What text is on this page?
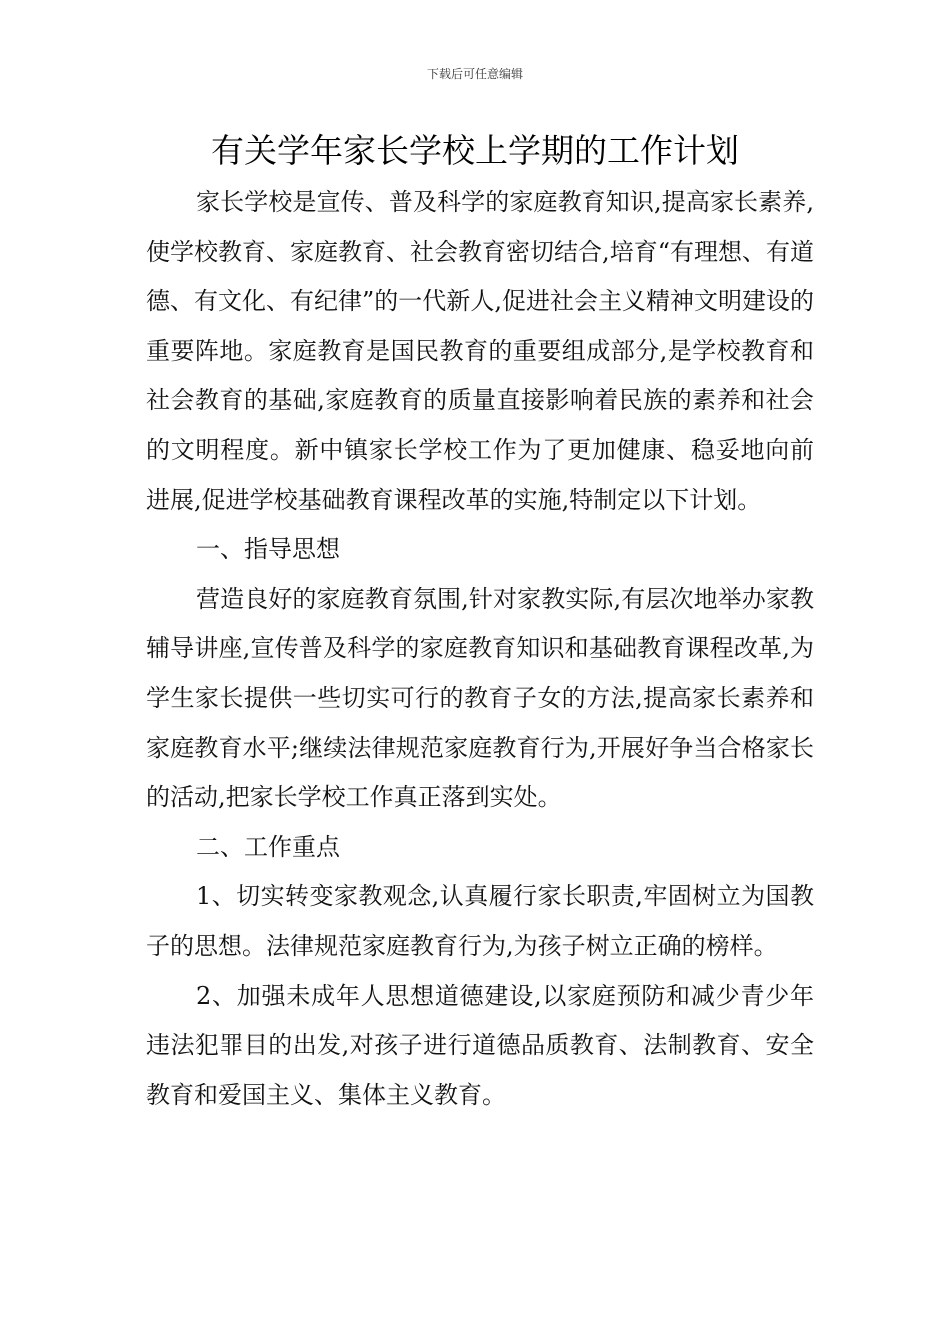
下载后可任意编辑
有关学年家长学校上学期的工作计划

家长学校是宣传、普及科学的家庭教育知识,提高家长素养,使学校教育、家庭教育、社会教育密切结合,培育“有理想、有道德、有文化、有纪律”的一代新人,促进社会主义精神文明建设的重要阵地。家庭教育是国民教育的重要组成部分,是学校教育和社会教育的基础,家庭教育的质量直接影响着民族的素养和社会的文明程度。新中镇家长学校工作为了更加健康、稳妥地向前进展,促进学校基础教育课程改革的实施,特制定以下计划。

一、指导思想

营造良好的家庭教育氛围,针对家教实际,有层次地举办家教辅导讲座,宣传普及科学的家庭教育知识和基础教育课程改革,为学生家长提供一些切实可行的教育子女的方法,提高家长素养和家庭教育水平;继续法律规范家庭教育行为,开展好争当合格家长的活动,把家长学校工作真正落到实处。

二、工作重点

1、切实转变家教观念,认真履行家长职责,牢固树立为国教子的思想。法律规范家庭教育行为,为孩子树立正确的榜样。

2、加强未成年人思想道德建设,以家庭预防和减少青少年违法犯罪目的出发,对孩子进行道德品质教育、法制教育、安全教育和爱国主义、集体主义教育。
